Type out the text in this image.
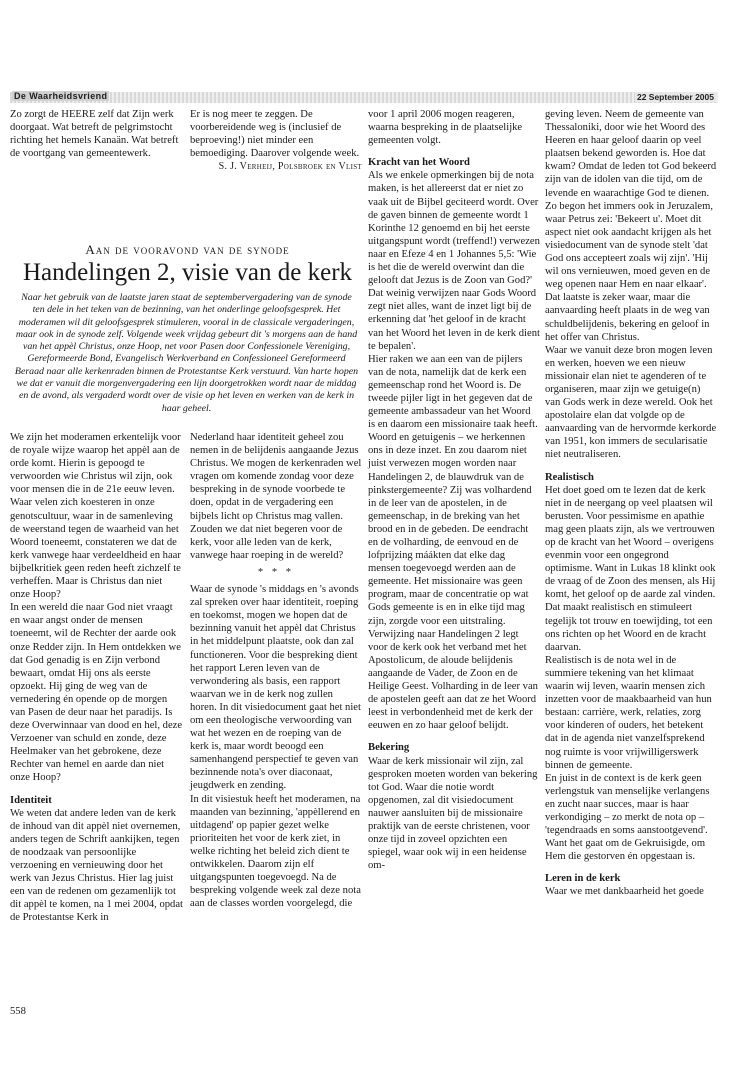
De Waarheidsvriend	22 September 2005

Zo zorgt de HEERE zelf dat Zijn werk doorgaat. Wat betreft de pelgrimstocht richting het hemels Kanaän. Wat betreft de voortgang van gemeentewerk.

Er is nog meer te zeggen. De voorbereidende weg is (inclusief de beproeving!) niet minder een bemoediging. Daarover volgende week.

S. J. Verheij, Polsbroek en Vlist

Aan de vooravond van de synode
Handelingen 2, visie van de kerk
Naar het gebruik van de laatste jaren staat de septembervergadering van de synode ten dele in het teken van de bezinning, van het onderlinge geloofsgesprek. Het moderamen wil dit geloofsgesprek stimuleren, vooral in de classicale vergaderingen, maar ook in de synode zelf. Volgende week vrijdag gebeurt dit 's morgens aan de hand van het appèl Christus, onze Hoop, net voor Pasen door Confessionele Vereniging, Gereformeerde Bond, Evangelisch Werkverband en Confessioneel Gereformeerd Beraad naar alle kerkenraden binnen de Protestantse Kerk verstuurd. Van harte hopen we dat er vanuit die morgenvergadering een lijn doorgetrokken wordt naar de middag en de avond, als vergaderd wordt over de visie op het leven en werken van de kerk in haar geheel.

We zijn het moderamen erkentelijk voor de royale wijze waarop het appèl aan de orde komt. Hierin is gepoogd te verwoorden wie Christus wil zijn, ook voor mensen die in de 21e eeuw leven. Waar velen zich koesteren in onze genotscultuur, waar in de samenleving de weerstand tegen de waarheid van het Woord toeneemt, constateren we dat de kerk vanwege haar verdeeldheid en haar bijbelkritiek geen reden heeft zichzelf te verheffen. Maar is Christus dan niet onze Hoop?

In een wereld die naar God niet vraagt en waar angst onder de mensen toeneemt, wil de Rechter der aarde ook onze Redder zijn. In Hem ontdekken we dat God genadig is en Zijn verbond bewaart, omdat Hij ons als eerste opzoekt. Hij ging de weg van de vernedering én opende op de morgen van Pasen de deur naar het paradijs. Is deze Overwinnaar van dood en hel, deze Verzoener van schuld en zonde, deze Heelmaker van het gebrokene, deze Rechter van hemel en aarde dan niet onze Hoop?

Identiteit

We weten dat andere leden van de kerk de inhoud van dit appèl niet overnemen, anders tegen de Schrift aankijken, tegen de noodzaak van persoonlijke verzoening en vernieuwing door het werk van Jezus Christus. Hier lag juist een van de redenen om gezamenlijk tot dit appèl te komen, na 1 mei 2004, opdat de Protestantse Kerk in

Nederland haar identiteit geheel zou nemen in de belijdenis aangaande Jezus Christus. We mogen de kerkenraden wel vragen om komende zondag voor deze bespreking in de synode voorbede te doen, opdat in de vergadering een bijbels licht op Christus mag vallen. Zouden we dat niet begeren voor de kerk, voor alle leden van de kerk, vanwege haar roeping in de wereld?

* * *

Waar de synode 's middags en 's avonds zal spreken over haar identiteit, roeping en toekomst, mogen we hopen dat de bezinning vanuit het appèl dat Christus in het middelpunt plaatste, ook dan zal functioneren. Voor die bespreking dient het rapport Leren leven van de verwondering als basis, een rapport waarvan we in de kerk nog zullen horen. In dit visiedocument gaat het niet om een theologische verwoording van wat het wezen en de roeping van de kerk is, maar wordt beoogd een samenhangend perspectief te geven van bezinnende nota's over diaconaat, jeugdwerk en zending.

In dit visiestuk heeft het moderamen, na maanden van bezinning, 'appèllerend en uitdagend' op papier gezet welke prioriteiten het voor de kerk ziet, in welke richting het beleid zich dient te ontwikkelen. Daarom zijn elf uitgangspunten toegevoegd. Na de bespreking volgende week zal deze nota aan de classes worden voorgelegd, die

voor 1 april 2006 mogen reageren, waarna bespreking in de plaatselijke gemeenten volgt.

Kracht van het Woord

Als we enkele opmerkingen bij de nota maken, is het allereerst dat er niet zo vaak uit de Bijbel geciteerd wordt. Over de gaven binnen de gemeente wordt 1 Korinthe 12 genoemd en bij het eerste uitgangspunt wordt (treffend!) verwezen naar en Efeze 4 en 1 Johannes 5,5: 'Wie is het die de wereld overwint dan die gelooft dat Jezus is de Zoon van God?' Dat weinig verwijzen naar Gods Woord zegt niet alles, want de inzet ligt bij de erkenning dat 'het geloof in de kracht van het Woord het leven in de kerk dient te bepalen'.

Hier raken we aan een van de pijlers van de nota, namelijk dat de kerk een gemeenschap rond het Woord is. De tweede pijler ligt in het gegeven dat de gemeente ambassadeur van het Woord is en daarom een missionaire taak heeft. Woord en getuigenis – we herkennen ons in deze inzet. En zou daarom niet juist verwezen mogen worden naar Handelingen 2, de blauwdruk van de pinkstergemeente? Zij was volhardend in de leer van de apostelen, in de gemeenschap, in de breking van het brood en in de gebeden. De eendracht en de volharding, de eenvoud en de lofprijzing máákten dat elke dag mensen toegevoegd werden aan de gemeente. Het missionaire was geen program, maar de concentratie op wat Gods gemeente is en in elke tijd mag zijn, zorgde voor een uitstraling.

Verwijzing naar Handelingen 2 legt voor de kerk ook het verband met het Apostolicum, de aloude belijdenis aangaande de Vader, de Zoon en de Heilige Geest. Volharding in de leer van de apostelen geeft aan dat ze het Woord leest in verbondenheid met de kerk der eeuwen en zo haar geloof belijdt.

Bekering

Waar de kerk missionair wil zijn, zal gesproken moeten worden van bekering tot God. Waar die notie wordt opgenomen, zal dit visiedocument nauwer aansluiten bij de missionaire praktijk van de eerste christenen, voor onze tijd in zoveel opzichten een spiegel, waar ook wij in een heidense om-

geving leven. Neem de gemeente van Thessaloniki, door wie het Woord des Heeren en haar geloof daarin op veel plaatsen bekend geworden is. Hoe dat kwam? Omdat de leden tot God bekeerd zijn van de idolen van die tijd, om de levende en waarachtige God te dienen. Zo begon het immers ook in Jeruzalem, waar Petrus zei: 'Bekeert u'. Moet dit aspect niet ook aandacht krijgen als het visiedocument van de synode stelt 'dat God ons accepteert zoals wij zijn'. 'Hij wil ons vernieuwen, moed geven en de weg openen naar Hem en naar elkaar'. Dat laatste is zeker waar, maar die aanvaarding heeft plaats in de weg van schuldbelijdenis, bekering en geloof in het offer van Christus.

Waar we vanuit deze bron mogen leven en werken, hoeven we een nieuw missionair elan niet te agenderen of te organiseren, maar zijn we getuige(n) van Gods werk in deze wereld. Ook het apostolaire elan dat volgde op de aanvaarding van de hervormde kerkorde van 1951, kon immers de secularisatie niet neutraliseren.

Realistisch

Het doet goed om te lezen dat de kerk niet in de neergang op veel plaatsen wil berusten. Voor pessimisme en apathie mag geen plaats zijn, als we vertrouwen op de kracht van het Woord – overigens evenmin voor een ongegrond optimisme. Want in Lukas 18 klinkt ook de vraag of de Zoon des mensen, als Hij komt, het geloof op de aarde zal vinden. Dat maakt realistisch en stimuleert tegelijk tot trouw en toewijding, tot een ons richten op het Woord en de kracht daarvan.

Realistisch is de nota wel in de summiere tekening van het klimaat waarin wij leven, waarin mensen zich inzetten voor de maakbaarheid van hun bestaan: carrière, werk, relaties, zorg voor kinderen of ouders, het betekent dat in de agenda niet vanzelfsprekend nog ruimte is voor vrijwilligerswerk binnen de gemeente.

En juist in de context is de kerk geen verlengstuk van menselijke verlangens en zucht naar succes, maar is haar verkondiging – zo merkt de nota op – 'tegendraads en soms aanstootgevend'. Want het gaat om de Gekruisigde, om Hem die gestorven én opgestaan is.

Leren in de kerk

Waar we met dankbaarheid het goede

558
